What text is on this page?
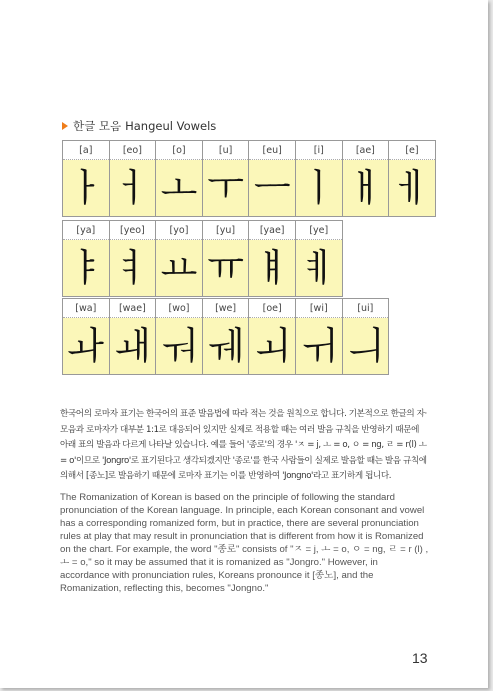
한글 모음 Hangeul Vowels
[a]	[eo]	[o]	[u]	[eu]	[i]	[ae]	[e]
ㅏ	ㅓ	ㅗ	ㅜ	ㅡ	ㅣ	ㅐ	ㅔ
[ya]	[yeo]	[yo]	[yu]	[yae]	[ye]
ㅑ	ㅕ	ㅛ	ㅠ	ㅒ	ㅖ
[wa]	[wae]	[wo]	[we]	[oe]	[wi]	[ui]
ㅘ	ㅙ	ㅝ	ㅞ	ㅚ	ㅟ	ㅢ
한국어의 로마자 표기는 한국어의 표준 발음법에 따라 적는 것을 원칙으로 합니다. 기본적으로 한글의 자·모음과 로마자가 대부분 1:1로 대응되어 있지만 실제로 적용할 때는 여러 발음 규칙을 반영하기 때문에 아래 표의 발음과 다르게 나타날 있습니다. 예를 들어 '종로'의 경우 'ㅈ = j, ㅗ = o, ㅇ = ng, ㄹ = r(l) ㅗ = o'이므로 'Jongro'로 표기된다고 생각되겠지만 '종로'를 한국 사람들이 실제로 발음할 때는 발음 규칙에 의해서 [종노]로 발음하기 때문에 로마자 표기는 이를 반영하여 'Jongno'라고 표기하게 됩니다.
The Romanization of Korean is based on the principle of following the standard pronunciation of the Korean language. In principle, each Korean consonant and vowel has a corresponding romanized form, but in practice, there are several pronunciation rules at play that may result in pronunciation that is different from how it is Romanized on the chart. For example, the word "종로" consists of "ㅈ = j, ㅗ = o, ㅇ = ng, ㄹ = r (l) , ㅗ = o," so it may be assumed that it is romanized as "Jongro." However, in accordance with pronunciation rules, Koreans pronounce it [종노], and the Romanization, reflecting this, becomes "Jongno."
13
